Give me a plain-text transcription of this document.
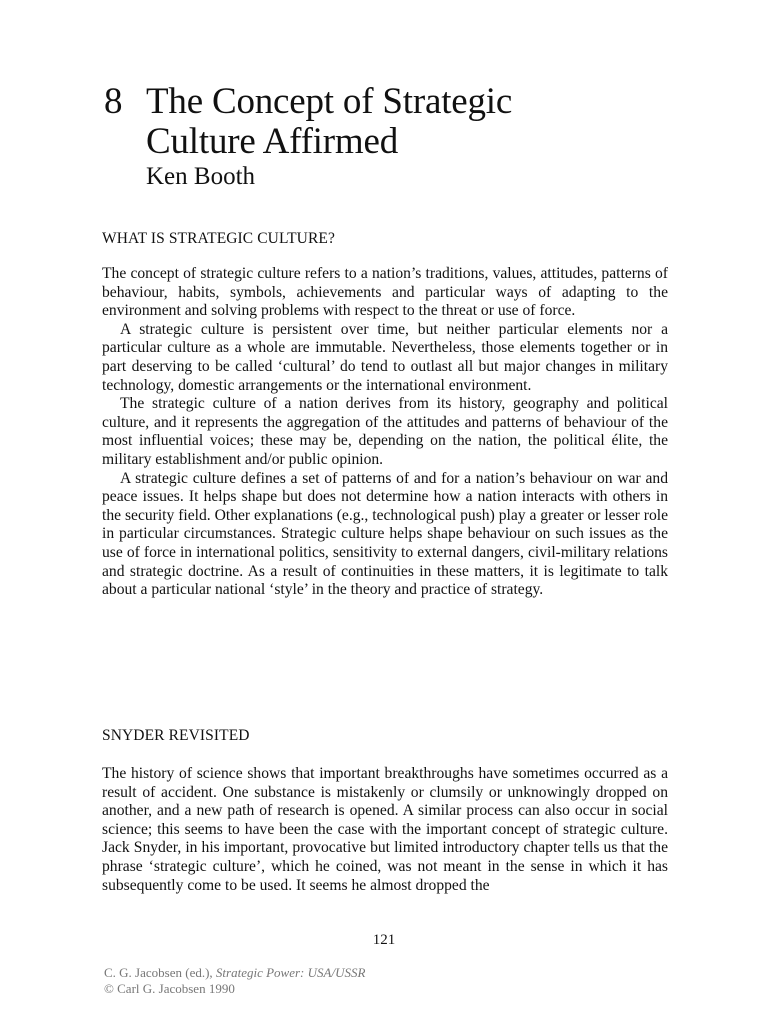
8 The Concept of Strategic
Culture Affirmed
Ken Booth
WHAT IS STRATEGIC CULTURE?

The concept of strategic culture refers to a nation’s traditions, values, attitudes, patterns of behaviour, habits, symbols, achievements and particular ways of adapting to the environment and solving problems with respect to the threat or use of force.

A strategic culture is persistent over time, but neither particular elements nor a particular culture as a whole are immutable. Nevertheless, those elements together or in part deserving to be called ‘cultural’ do tend to outlast all but major changes in military technology, domestic arrangements or the international environment.

The strategic culture of a nation derives from its history, geography and political culture, and it represents the aggregation of the attitudes and patterns of behaviour of the most influential voices; these may be, depending on the nation, the political élite, the military establishment and/or public opinion.

A strategic culture defines a set of patterns of and for a nation’s behaviour on war and peace issues. It helps shape but does not determine how a nation interacts with others in the security field. Other explanations (e.g., technological push) play a greater or lesser role in particular circumstances. Strategic culture helps shape behaviour on such issues as the use of force in international politics, sensitivity to external dangers, civil-military relations and strategic doctrine. As a result of continuities in these matters, it is legitimate to talk about a particular national ‘style’ in the theory and practice of strategy.

SNYDER REVISITED

The history of science shows that important breakthroughs have sometimes occurred as a result of accident. One substance is mistakenly or clumsily or unknowingly dropped on another, and a new path of research is opened. A similar process can also occur in social science; this seems to have been the case with the important concept of strategic culture. Jack Snyder, in his important, provocative but limited introductory chapter tells us that the phrase ‘strategic culture’, which he coined, was not meant in the sense in which it has subsequently come to be used. It seems he almost dropped the

121
C. G. Jacobsen (ed.), Strategic Power: USA/USSR
© Carl G. Jacobsen 1990
